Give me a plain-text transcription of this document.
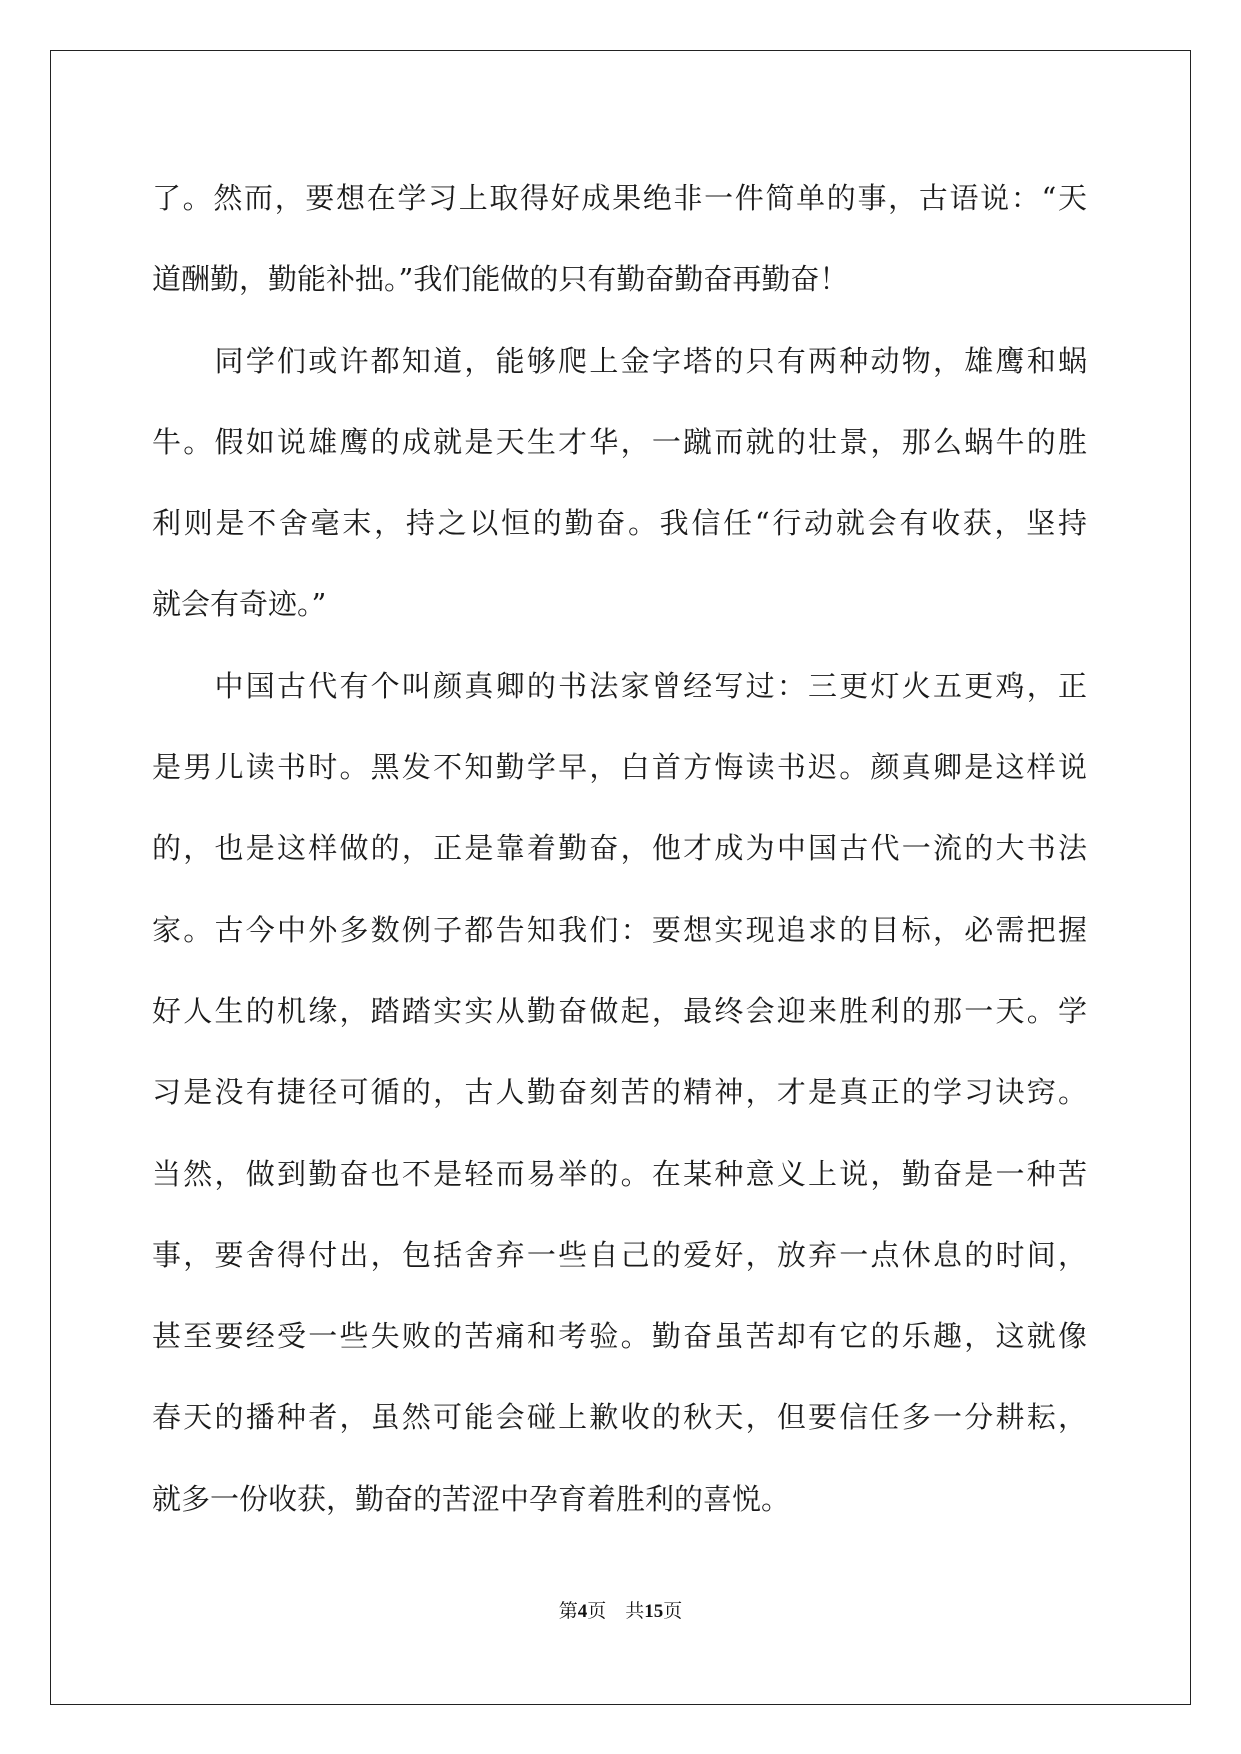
了。然而，要想在学习上取得好成果绝非一件简单的事，古语说：“天
道酬勤，勤能补拙。”我们能做的只有勤奋勤奋再勤奋！
　　同学们或许都知道，能够爬上金字塔的只有两种动物，雄鹰和蜗
牛。假如说雄鹰的成就是天生才华，一蹴而就的壮景，那么蜗牛的胜
利则是不舍毫末，持之以恒的勤奋。我信任“行动就会有收获，坚持
就会有奇迹。”
　　中国古代有个叫颜真卿的书法家曾经写过：三更灯火五更鸡，正
是男儿读书时。黑发不知勤学早，白首方悔读书迟。颜真卿是这样说
的，也是这样做的，正是靠着勤奋，他才成为中国古代一流的大书法
家。古今中外多数例子都告知我们：要想实现追求的目标，必需把握
好人生的机缘，踏踏实实从勤奋做起，最终会迎来胜利的那一天。学
习是没有捷径可循的，古人勤奋刻苦的精神，才是真正的学习诀窍。
当然，做到勤奋也不是轻而易举的。在某种意义上说，勤奋是一种苦
事，要舍得付出，包括舍弃一些自己的爱好，放弃一点休息的时间，
甚至要经受一些失败的苦痛和考验。勤奋虽苦却有它的乐趣，这就像
春天的播种者，虽然可能会碰上歉收的秋天，但要信任多一分耕耘，
就多一份收获，勤奋的苦涩中孕育着胜利的喜悦。
第4页　共15页
